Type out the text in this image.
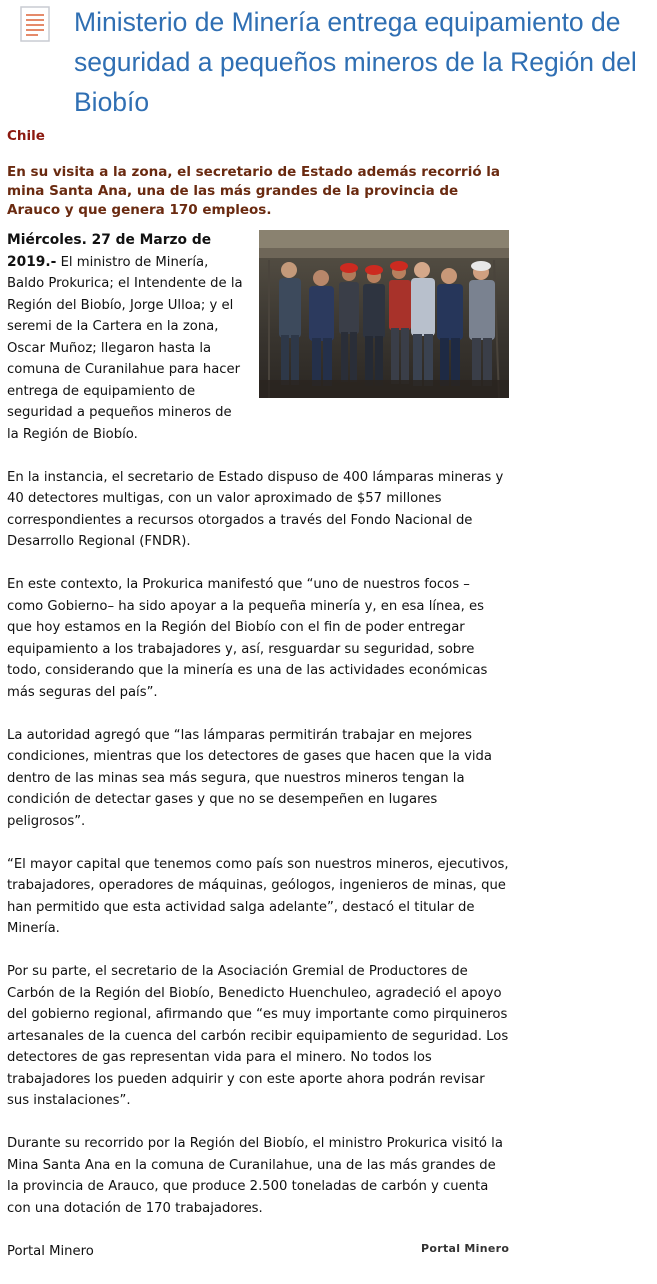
Ministerio de Minería entrega equipamiento de seguridad a pequeños mineros de la Región del Biobío
Chile

En su visita a la zona, el secretario de Estado además recorrió la mina Santa Ana, una de las más grandes de la provincia de Arauco y que genera 170 empleos.

Miércoles. 27 de Marzo de 2019.- El ministro de Minería, Baldo Prokurica; el Intendente de la Región del Biobío, Jorge Ulloa; y el seremi de la Cartera en la zona, Oscar Muñoz; llegaron hasta la comuna de Curanilahue para hacer entrega de equipamiento de seguridad a pequeños mineros de la Región de Biobío.

En la instancia, el secretario de Estado dispuso de 400 lámparas mineras y 40 detectores multigas, con un valor aproximado de $57 millones correspondientes a recursos otorgados a través del Fondo Nacional de Desarrollo Regional (FNDR).

En este contexto, la Prokurica manifestó que “uno de nuestros focos – como Gobierno– ha sido apoyar a la pequeña minería y, en esa línea, es que hoy estamos en la Región del Biobío con el fin de poder entregar equipamiento a los trabajadores y, así, resguardar su seguridad, sobre todo, considerando que la minería es una de las actividades económicas más seguras del país”.

La autoridad agregó que “las lámparas permitirán trabajar en mejores condiciones, mientras que los detectores de gases que hacen que la vida dentro de las minas sea más segura, que nuestros mineros tengan la condición de detectar gases y que no se desempeñen en lugares peligrosos”.

“El mayor capital que tenemos como país son nuestros mineros, ejecutivos, trabajadores, operadores de máquinas, geólogos, ingenieros de minas, que han permitido que esta actividad salga adelante”, destacó el titular de Minería.

Por su parte, el secretario de la Asociación Gremial de Productores de Carbón de la Región del Biobío, Benedicto Huenchuleo, agradeció el apoyo del gobierno regional, afirmando que “es muy importante como pirquineros artesanales de la cuenca del carbón recibir equipamiento de seguridad. Los detectores de gas representan vida para el minero. No todos los trabajadores los pueden adquirir y con este aporte ahora podrán revisar sus instalaciones”.

Durante su recorrido por la Región del Biobío, el ministro Prokurica visitó la Mina Santa Ana en la comuna de Curanilahue, una de las más grandes de la provincia de Arauco, que produce 2.500 toneladas de carbón y cuenta con una dotación de 170 trabajadores.

Portal Minero	Portal Minero
